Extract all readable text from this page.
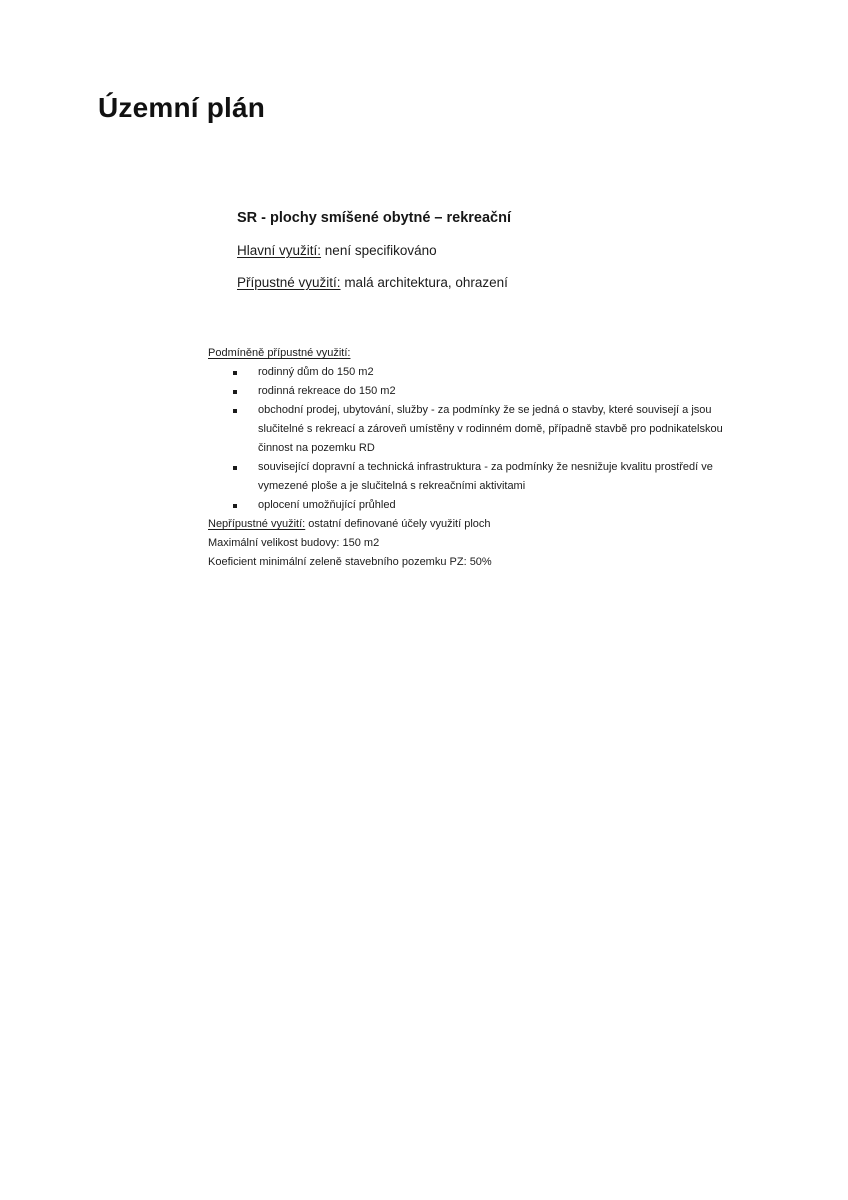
Územní plán
SR - plochy smíšené obytné – rekreační
Hlavní využití: není specifikováno
Přípustné využití: malá architektura, ohrazení
Podmíněně přípustné využití:
rodinný dům do 150 m2
rodinná rekreace do 150 m2
obchodní prodej, ubytování, služby - za podmínky že se jedná o stavby, které souvisejí a jsou slučitelné s rekreací a zároveň umístěny v rodinném domě, případně stavbě pro podnikatelskou činnost na pozemku RD
související dopravní a technická infrastruktura - za podmínky že nesnižuje kvalitu prostředí ve vymezené ploše a je slučitelná s rekreačními aktivitami
oplocení umožňující průhled
Nepřípustné využití: ostatní definované účely využití ploch
Maximální velikost budovy: 150 m2
Koeficient minimální zeleně stavebního pozemku PZ: 50%
